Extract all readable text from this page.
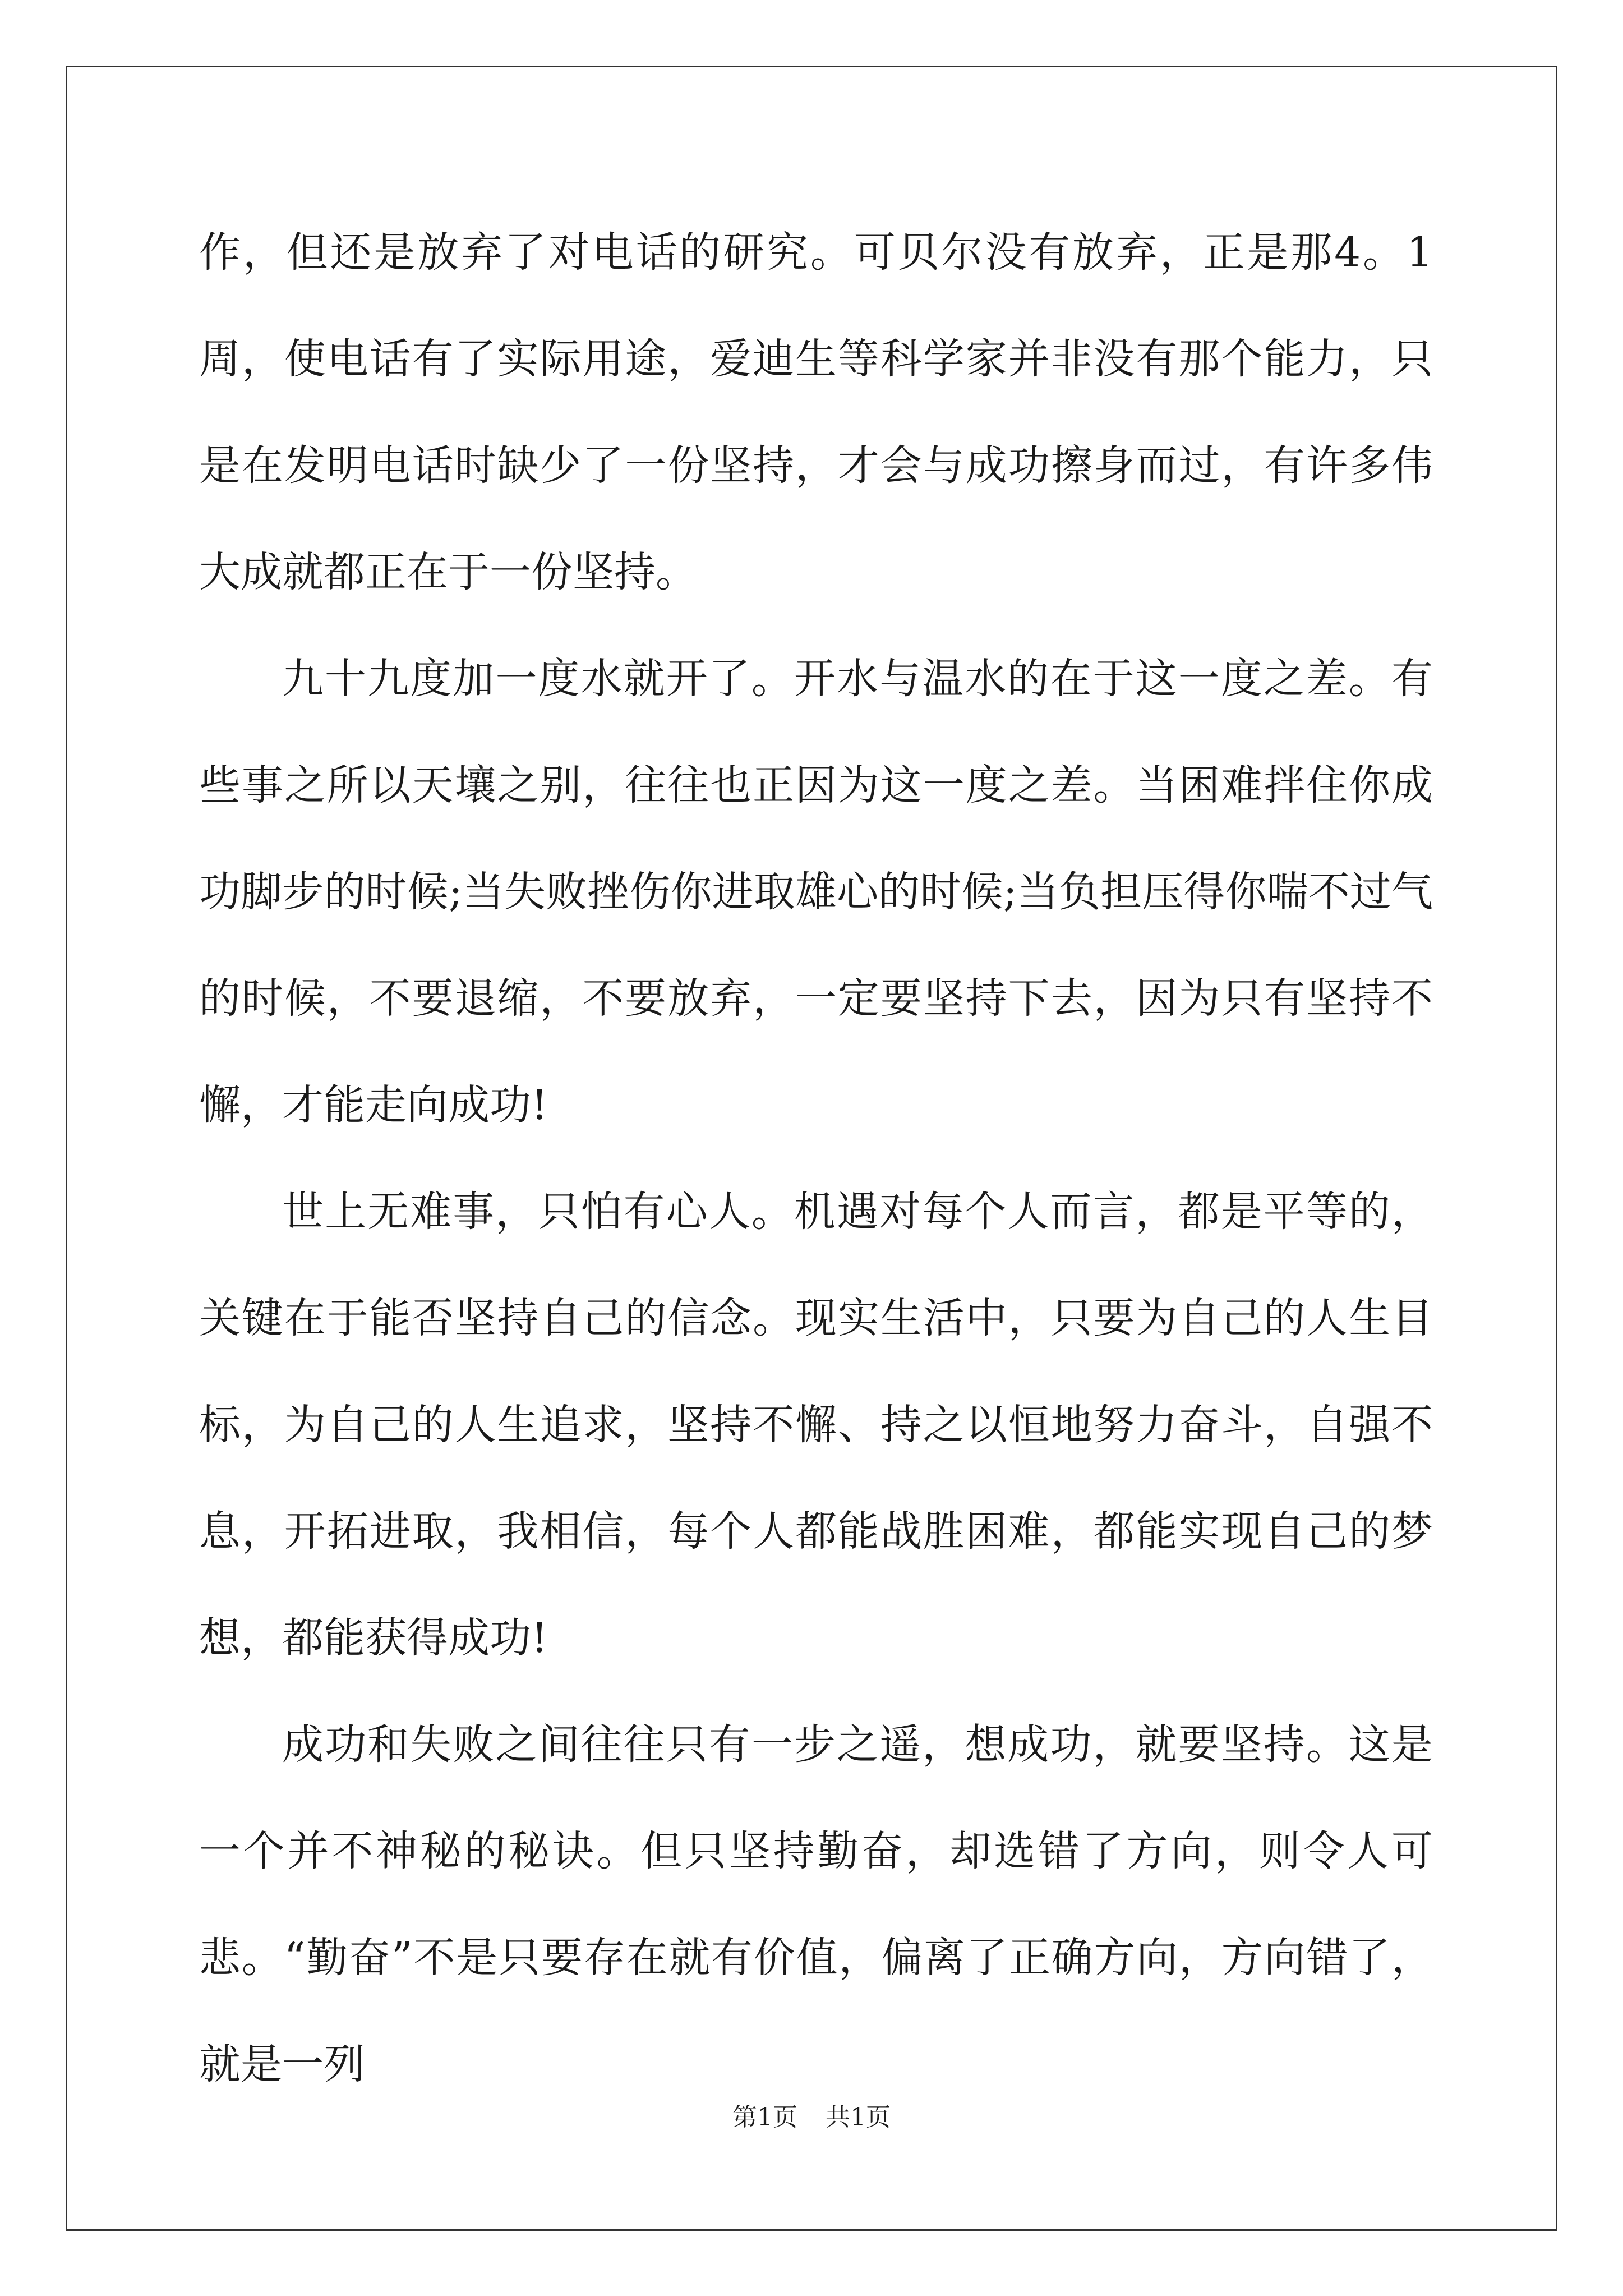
作，但还是放弃了对电话的研究。可贝尔没有放弃，正是那4。1周，使电话有了实际用途，爱迪生等科学家并非没有那个能力，只是在发明电话时缺少了一份坚持，才会与成功擦身而过，有许多伟大成就都正在于一份坚持。

九十九度加一度水就开了。开水与温水的在于这一度之差。有些事之所以天壤之别，往往也正因为这一度之差。当困难拌住你成功脚步的时候;当失败挫伤你进取雄心的时候;当负担压得你喘不过气的时候，不要退缩，不要放弃，一定要坚持下去，因为只有坚持不懈，才能走向成功!

世上无难事，只怕有心人。机遇对每个人而言，都是平等的，关键在于能否坚持自己的信念。现实生活中，只要为自己的人生目标，为自己的人生追求，坚持不懈、持之以恒地努力奋斗，自强不息，开拓进取，我相信，每个人都能战胜困难，都能实现自己的梦想，都能获得成功!

成功和失败之间往往只有一步之遥，想成功，就要坚持。这是一个并不神秘的秘诀。但只坚持勤奋，却选错了方向，则令人可悲。“勤奋”不是只要存在就有价值，偏离了正确方向，方向错了，就是一列

第1页 共1页
